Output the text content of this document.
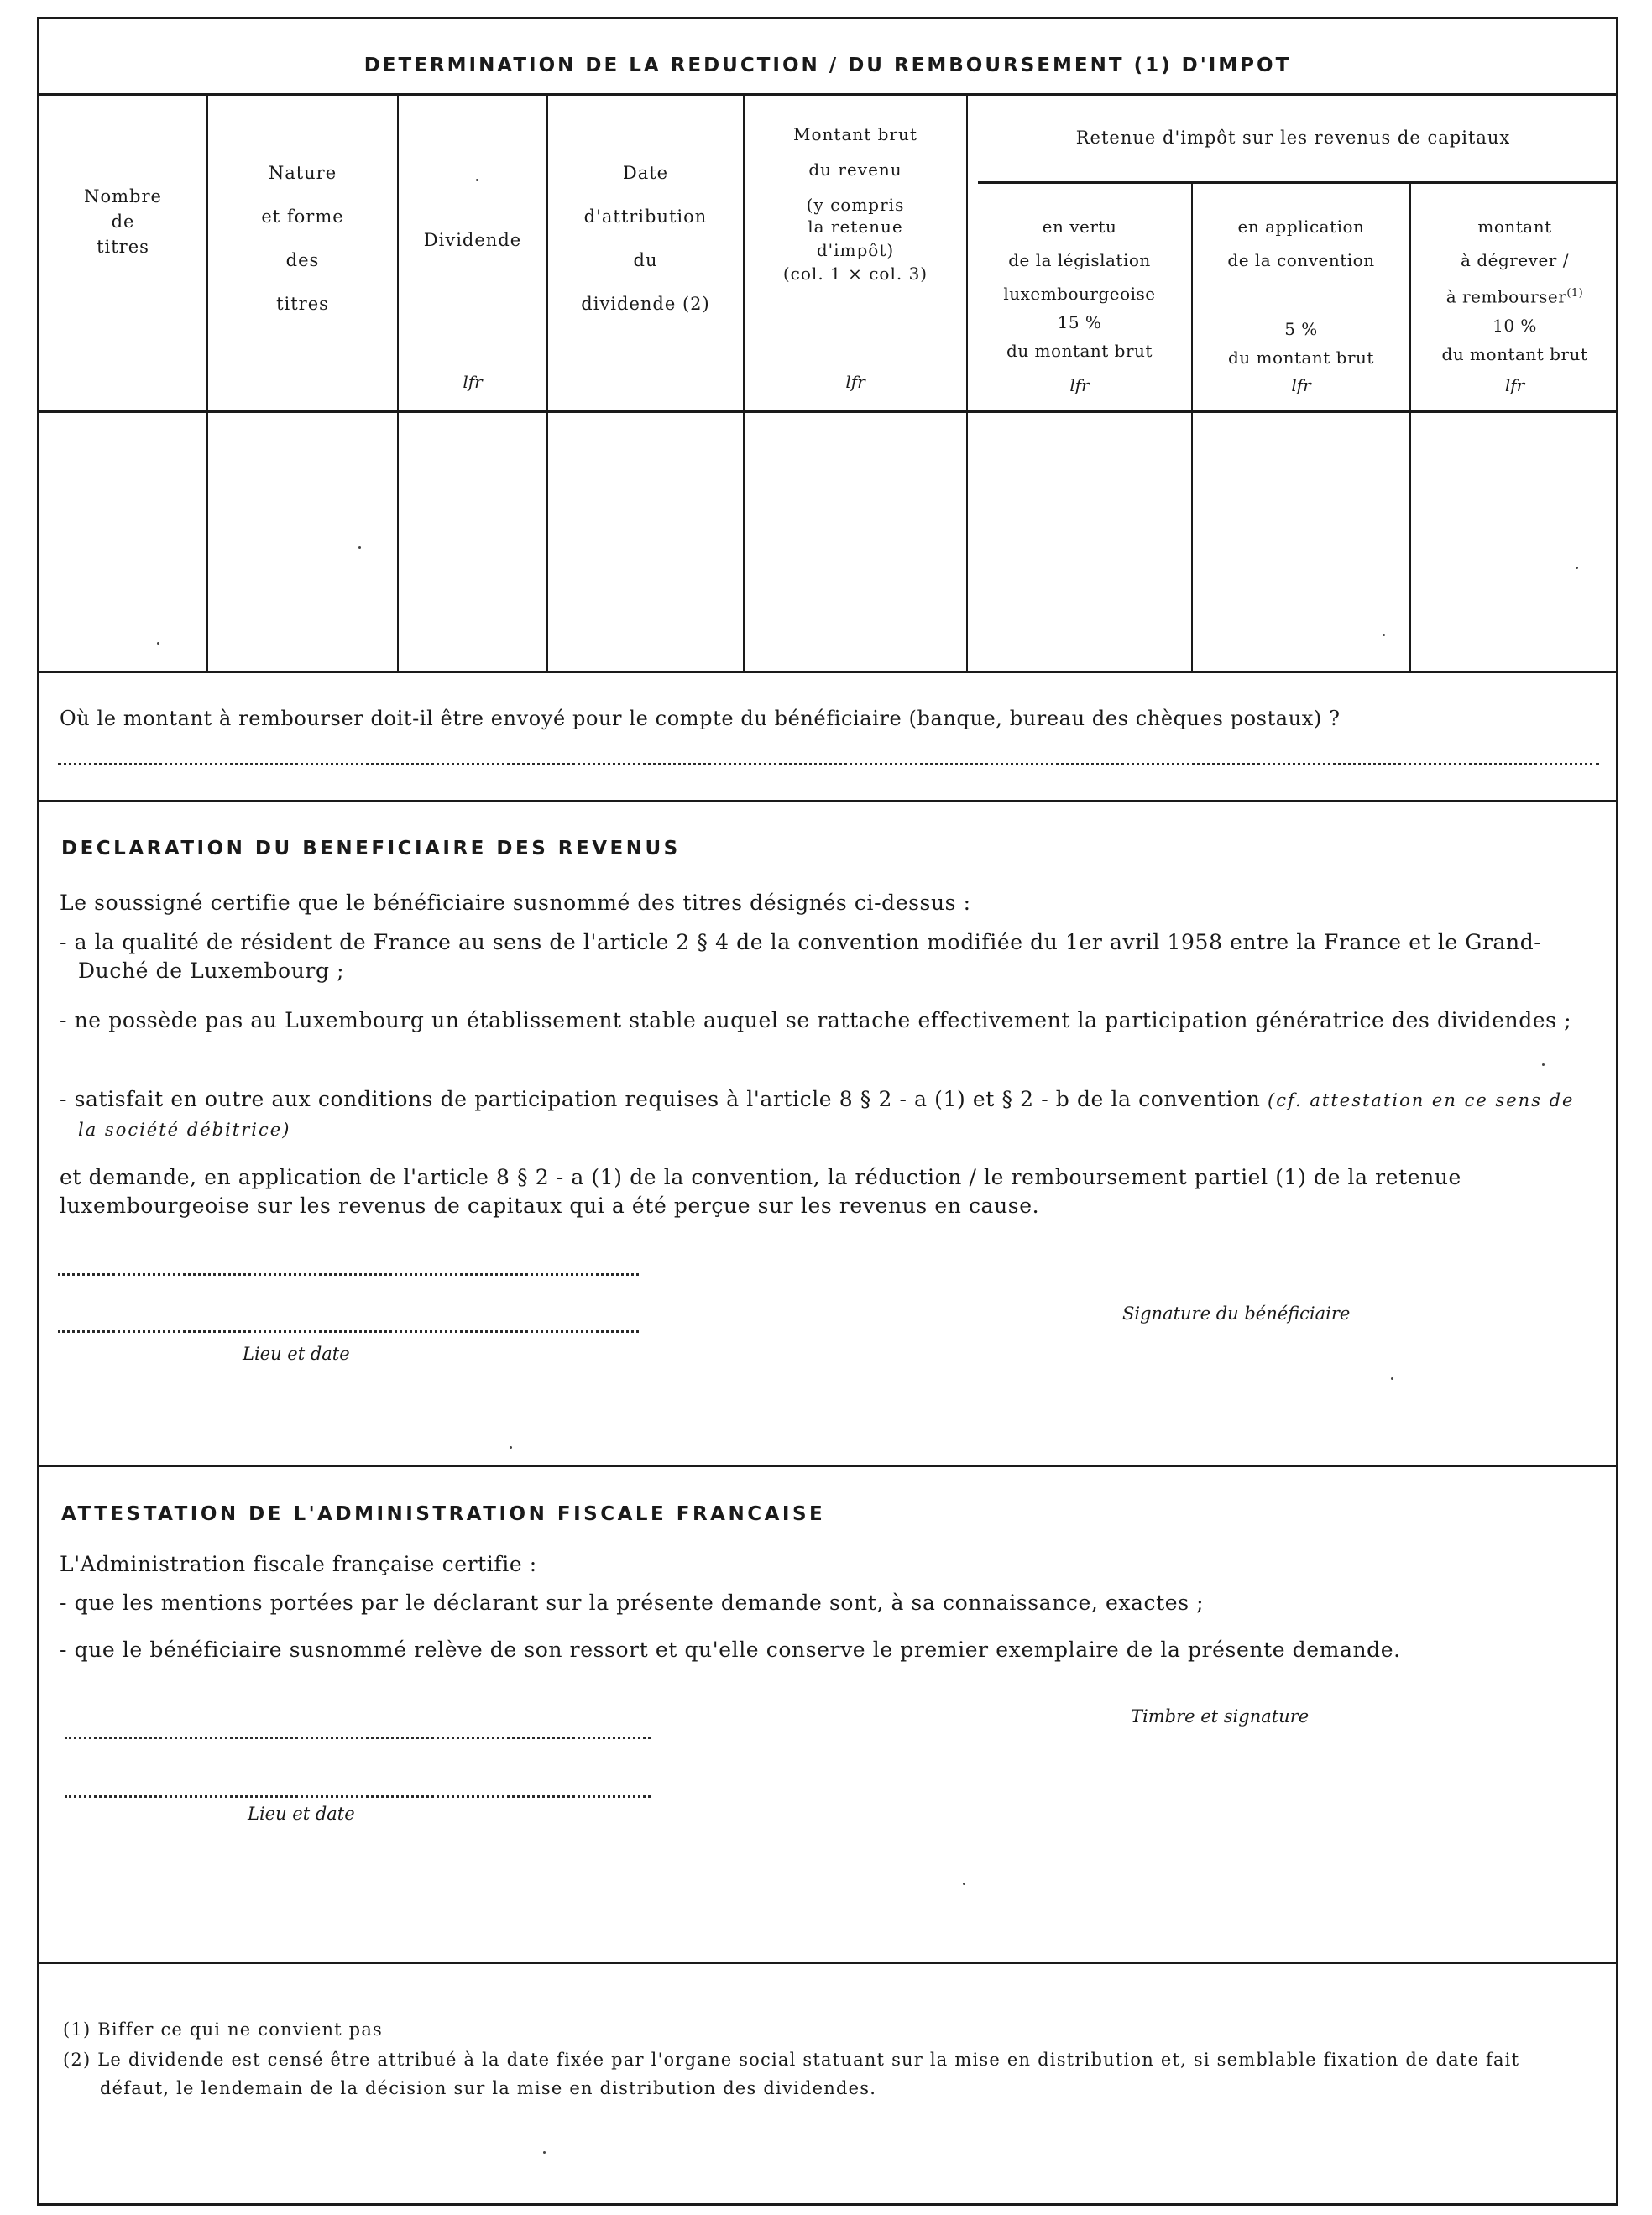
DETERMINATION DE LA REDUCTION / DU REMBOURSEMENT (1) D'IMPOT
Nombre
de
titres
Nature
et forme
des
titres
Dividende
lfr
Date
d'attribution
du
dividende (2)
Montant brut
du revenu
(y compris
la retenue
d'impôt)
(col. 1 × col. 3)
lfr
Retenue d'impôt sur les revenus de capitaux
en vertu
de la législation
luxembourgeoise
15 %
du montant brut
lfr
en application
de la convention
5 %
du montant brut
lfr
montant
à dégrever /
à rembourser$^{(1)}$
10 %
du montant brut
lfr
Où le montant à rembourser doit-il être envoyé pour le compte du bénéficiaire (banque, bureau des chèques postaux) ?
DECLARATION DU BENEFICIAIRE DES REVENUS
Le soussigné certifie que le bénéficiaire susnommé des titres désignés ci-dessus :
- a la qualité de résident de France au sens de l'article 2 § 4 de la convention modifiée du 1er avril 1958 entre la France et le Grand-Duché de Luxembourg ;
- ne possède pas au Luxembourg un établissement stable auquel se rattache effectivement la participation génératrice des dividendes ;
- satisfait en outre aux conditions de participation requises à l'article 8 § 2 - a (1) et § 2 - b de la convention (cf. attestation en ce sens de la société débitrice)
et demande, en application de l'article 8 § 2 - a (1) de la convention, la réduction / le remboursement partiel (1) de la retenue luxembourgeoise sur les revenus de capitaux qui a été perçue sur les revenus en cause.
Lieu et date
Signature du bénéficiaire
ATTESTATION DE L'ADMINISTRATION FISCALE FRANCAISE
L'Administration fiscale française certifie :
- que les mentions portées par le déclarant sur la présente demande sont, à sa connaissance, exactes ;
- que le bénéficiaire susnommé relève de son ressort et qu'elle conserve le premier exemplaire de la présente demande.
Lieu et date
Timbre et signature
(1) Biffer ce qui ne convient pas
(2) Le dividende est censé être attribué à la date fixée par l'organe social statuant sur la mise en distribution et, si semblable fixation de date fait défaut, le lendemain de la décision sur la mise en distribution des dividendes.
